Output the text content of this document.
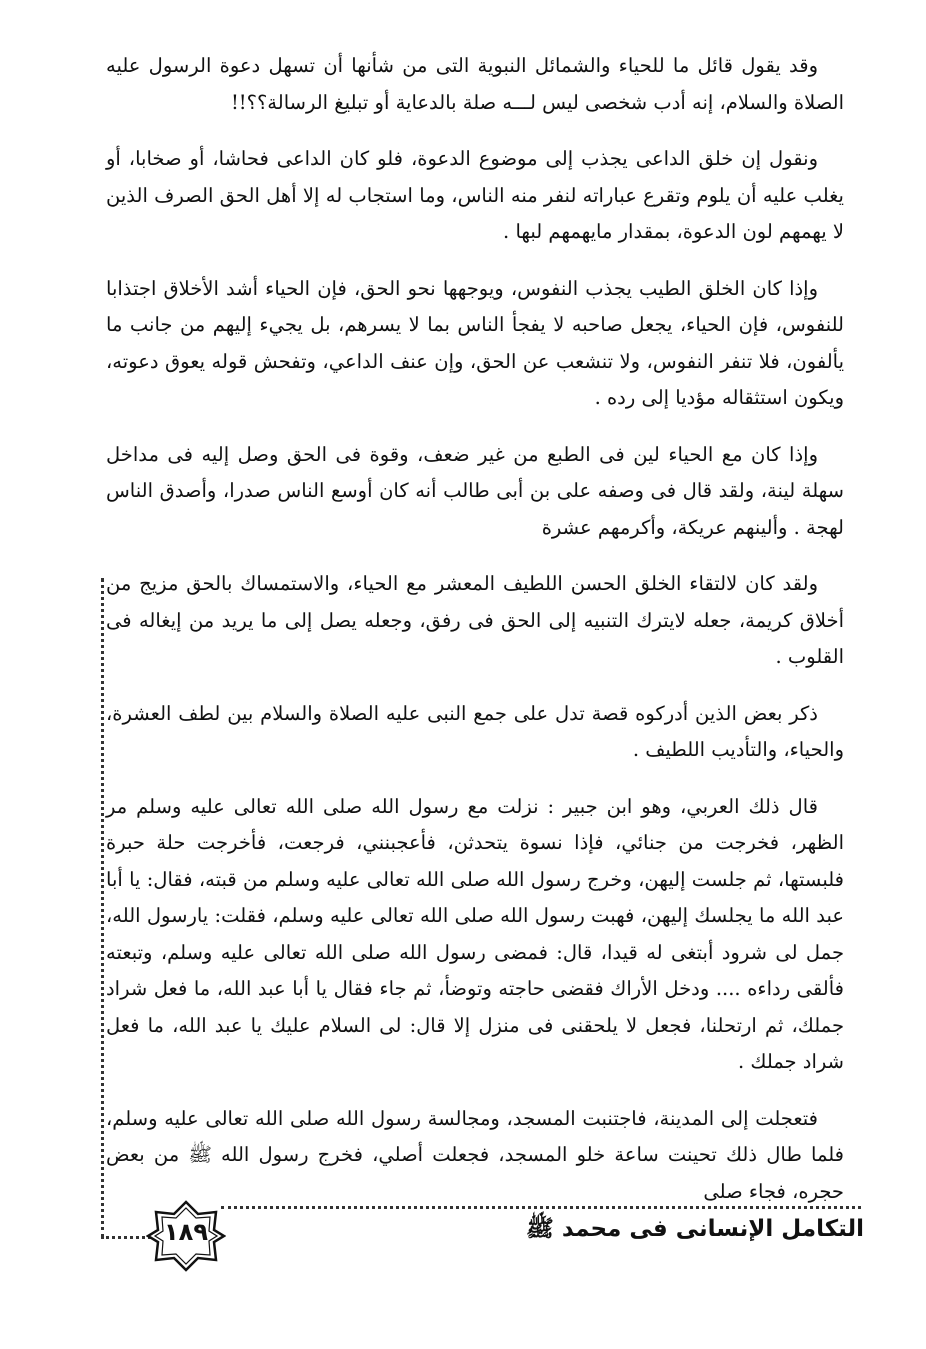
وقد يقول قائل ما للحياء والشمائل النبوية التى من شأنها أن تسهل دعوة الرسول عليه الصلاة والسلام، إنه أدب شخصى ليس لـــه صلة بالدعاية أو تبليغ الرسالة؟؟!!

ونقول إن خلق الداعى يجذب إلى موضوع الدعوة، فلو كان الداعى فحاشا، أو صخابا، أو يغلب عليه أن يلوم وتقرع عباراته لنفر منه الناس، وما استجاب له إلا أهل الحق الصرف الذين لا يهمهم لون الدعوة، بمقدار مايهمهم لبها .

وإذا كان الخلق الطيب يجذب النفوس، ويوجهها نحو الحق، فإن الحياء أشد الأخلاق اجتذابا للنفوس، فإن الحياء، يجعل صاحبه لا يفجأ الناس بما لا يسرهم، بل يجيء إليهم من جانب ما يألفون، فلا تنفر النفوس، ولا تنشعب عن الحق، وإن عنف الداعي، وتفحش قوله يعوق دعوته، ويكون استثقاله مؤديا إلى رده .

وإذا كان مع الحياء لين فى الطبع من غير ضعف، وقوة فى الحق وصل إليه فى مداخل سهلة لينة، ولقد قال فى وصفه على بن أبى طالب أنه كان أوسع الناس صدرا، وأصدق الناس لهجة . وألينهم عريكة، وأكرمهم عشرة

ولقد كان لالتقاء الخلق الحسن اللطيف المعشر مع الحياء، والاستمساك بالحق مزيج من أخلاق كريمة، جعله لايترك التنبيه إلى الحق فى رفق، وجعله يصل إلى ما يريد من إيغاله فى القلوب .

ذكر بعض الذين أدركوه قصة تدل على جمع النبى عليه الصلاة والسلام بين لطف العشرة، والحياء، والتأديب اللطيف .

قال ذلك العربي، وهو ابن جبير : نزلت مع رسول الله صلى الله تعالى عليه وسلم مر الظهر، فخرجت من جنائي، فإذا نسوة يتحدثن، فأعجبنني، فرجعت، فأخرجت حلة حبرة فلبستها، ثم جلست إليهن، وخرج رسول الله صلى الله تعالى عليه وسلم من قبته، فقال: يا أبا عبد الله ما يجلسك إليهن، فهبت رسول الله صلى الله تعالى عليه وسلم، فقلت: يارسول الله، جمل لى شرود أبتغى له قيدا، قال: فمضى رسول الله صلى الله تعالى عليه وسلم، وتبعته فألقى رداءه .... ودخل الأراك فقضى حاجته وتوضأ، ثم جاء فقال يا أبا عبد الله، ما فعل شراد جملك، ثم ارتحلنا، فجعل لا يلحقنى فى منزل إلا قال: لى السلام عليك يا عبد الله، ما فعل شراد جملك .

فتعجلت إلى المدينة، فاجتنبت المسجد، ومجالسة رسول الله صلى الله تعالى عليه وسلم، فلما طال ذلك تحينت ساعة خلو المسجد، فجعلت أصلي، فخرج رسول الله ﷺ من بعض حجره، فجاء صلى

١٨٩	التكامل الإنسانى فى محمد ﷺ
